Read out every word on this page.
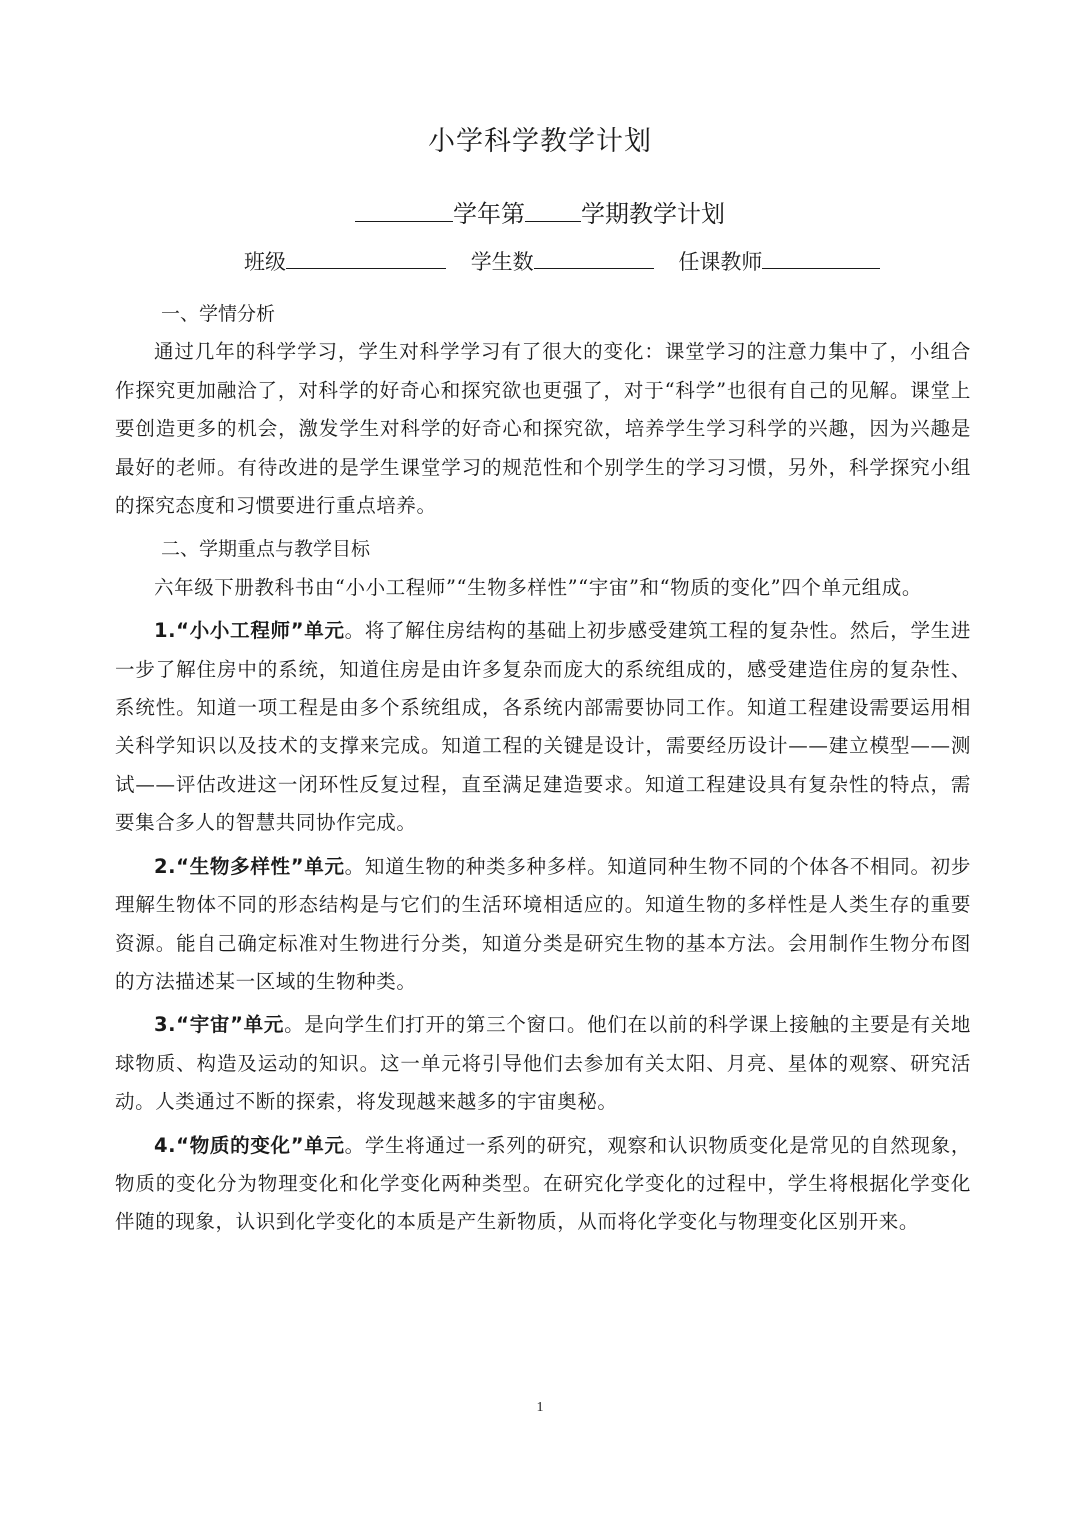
小学科学教学计划
学年第 学期教学计划
班级	学生数	任课教师

一、学情分析

通过几年的科学学习，学生对科学学习有了很大的变化：课堂学习的注意力集中了，小组合作探究更加融洽了，对科学的好奇心和探究欲也更强了，对于“科学”也很有自己的见解。课堂上要创造更多的机会，激发学生对科学的好奇心和探究欲，培养学生学习科学的兴趣，因为兴趣是最好的老师。有待改进的是学生课堂学习的规范性和个别学生的学习习惯，另外，科学探究小组的探究态度和习惯要进行重点培养。

二、学期重点与教学目标

六年级下册教科书由“小小工程师”“生物多样性”“宇宙”和“物质的变化”四个单元组成。

1.“小小工程师”单元。将了解住房结构的基础上初步感受建筑工程的复杂性。然后，学生进一步了解住房中的系统，知道住房是由许多复杂而庞大的系统组成的，感受建造住房的复杂性、系统性。知道一项工程是由多个系统组成，各系统内部需要协同工作。知道工程建设需要运用相关科学知识以及技术的支撑来完成。知道工程的关键是设计，需要经历设计——建立模型——测试——评估改进这一闭环性反复过程，直至满足建造要求。知道工程建设具有复杂性的特点，需要集合多人的智慧共同协作完成。

2.“生物多样性”单元。知道生物的种类多种多样。知道同种生物不同的个体各不相同。初步理解生物体不同的形态结构是与它们的生活环境相适应的。知道生物的多样性是人类生存的重要资源。能自己确定标准对生物进行分类，知道分类是研究生物的基本方法。会用制作生物分布图的方法描述某一区域的生物种类。

3.“宇宙”单元。是向学生们打开的第三个窗口。他们在以前的科学课上接触的主要是有关地球物质、构造及运动的知识。这一单元将引导他们去参加有关太阳、月亮、星体的观察、研究活动。人类通过不断的探索，将发现越来越多的宇宙奥秘。

4.“物质的变化”单元。学生将通过一系列的研究，观察和认识物质变化是常见的自然现象，物质的变化分为物理变化和化学变化两种类型。在研究化学变化的过程中，学生将根据化学变化伴随的现象，认识到化学变化的本质是产生新物质，从而将化学变化与物理变化区别开来。

1
